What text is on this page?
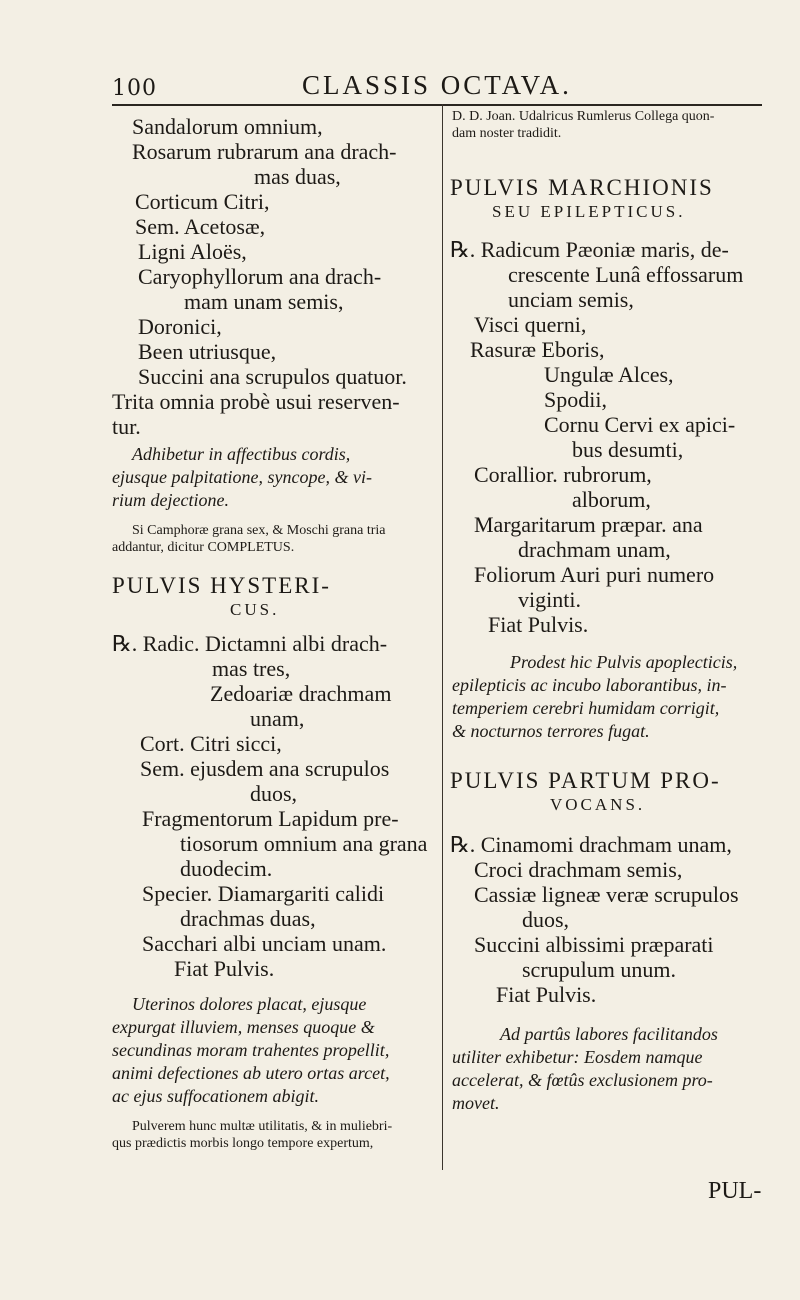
100	CLASSIS OCTAVA.
Sandalorum omnium,
Rosarum rubrarum ana drach-
mas duas,
Corticum Citri,
Sem. Acetosæ,
Ligni Aloës,
Caryophyllorum ana drach-
mam unam semis,
Doronici,
Been utriusque,
Succini ana scrupulos quatuor.
Trita omnia probè usui reserven-
tur.
Adhibetur in affectibus cordis,
ejusque palpitatione, syncope, & vi-
rium dejectione.
Si Camphoræ grana sex, & Moschi grana tria
addantur, dicitur COMPLETUS.
PULVIS HYSTERI-
CUS.
℞. Radic. Dictamni albi drach-
mas tres,
Zedoariæ drachmam
unam,
Cort. Citri sicci,
Sem. ejusdem ana scrupulos
duos,
Fragmentorum Lapidum pre-
tiosorum omnium ana grana
duodecim.
Specier. Diamargariti calidi
drachmas duas,
Sacchari albi unciam unam.
Fiat Pulvis.
Uterinos dolores placat, ejusque
expurgat illuviem, menses quoque &
secundinas moram trahentes propellit,
animi defectiones ab utero ortas arcet,
ac ejus suffocationem abigit.
Pulverem hunc multæ utilitatis, & in muliebri-
qus prædictis morbis longo tempore expertum,
D. D. Joan. Udalricus Rumlerus Collega quon-
dam noster tradidit.
PULVIS MARCHIONIS
SEU EPILEPTICUS.
℞. Radicum Pæoniæ maris, de-
crescente Lunâ effossarum
unciam semis,
Visci querni,
Rasuræ Eboris,
Ungulæ Alces,
Spodii,
Cornu Cervi ex apici-
bus desumti,
Corallior. rubrorum,
alborum,
Margaritarum præpar. ana
drachmam unam,
Foliorum Auri puri numero
viginti.
Fiat Pulvis.
Prodest hic Pulvis apoplecticis,
epilepticis ac incubo laborantibus, in-
temperiem cerebri humidam corrigit,
& nocturnos terrores fugat.
PULVIS PARTUM PRO-
VOCANS.
℞. Cinamomi drachmam unam,
Croci drachmam semis,
Cassiæ ligneæ veræ scrupulos
duos,
Succini albissimi præparati
scrupulum unum.
Fiat Pulvis.
Ad partûs labores facilitandos
utiliter exhibetur: Eosdem namque
accelerat, & fœtûs exclusionem pro-
movet.
PUL-
